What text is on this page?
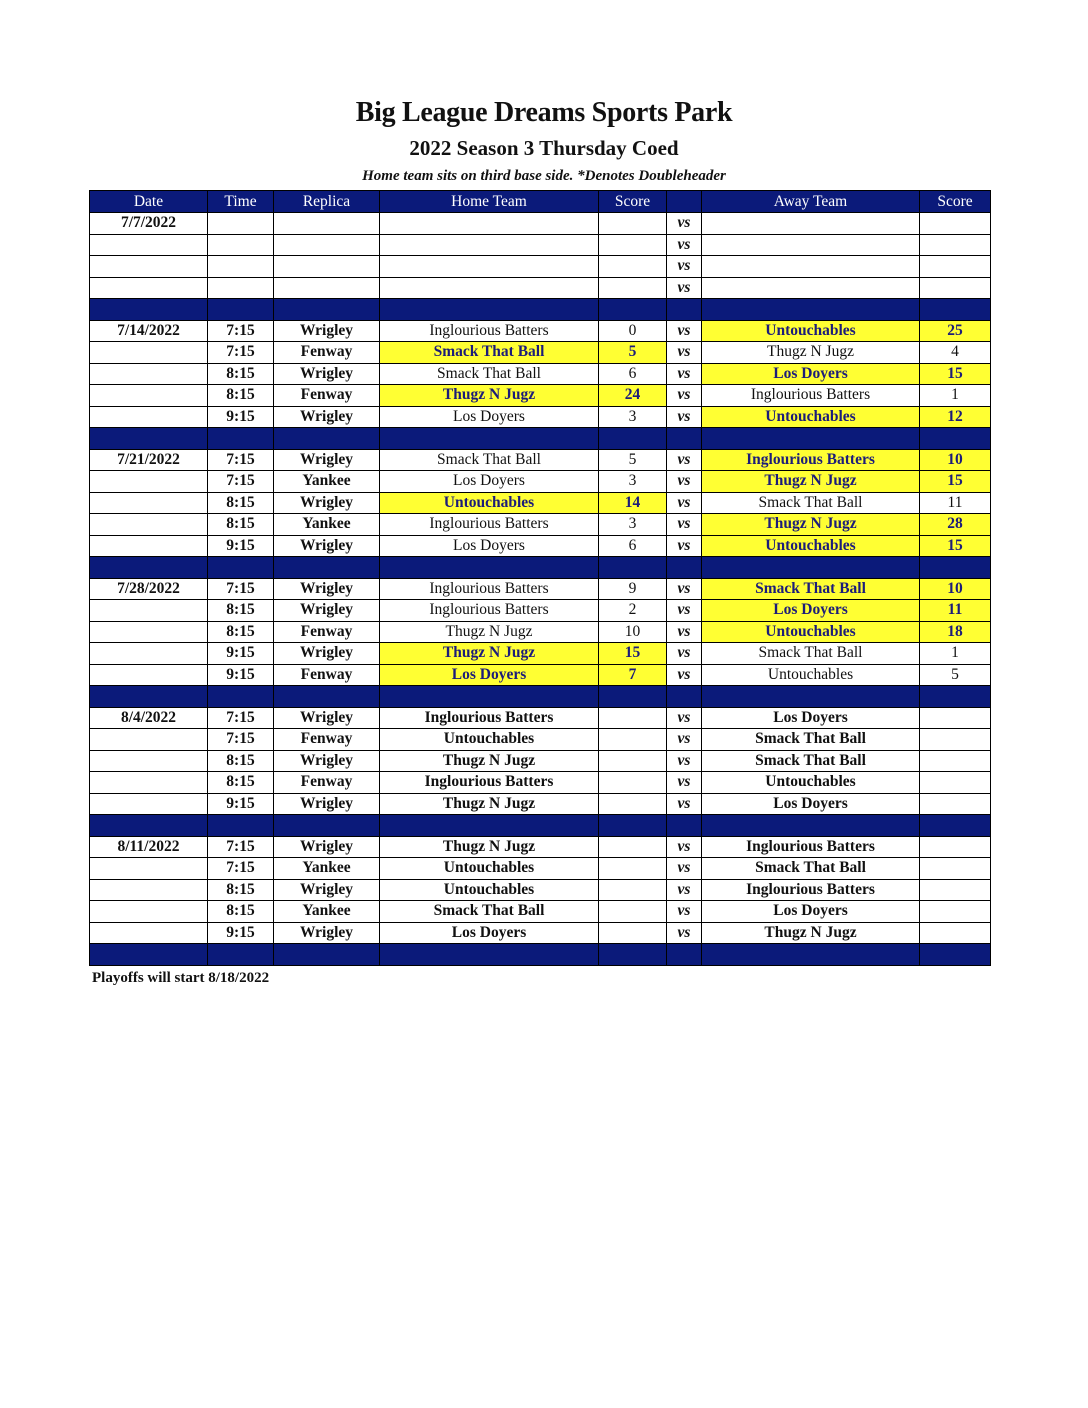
Big League Dreams Sports Park
2022 Season 3 Thursday Coed
Home team sits on third base side. *Denotes Doubleheader
Date	Time	Replica	Home Team	Score		Away Team	Score
7/7/2022					vs		
					vs		
					vs		
					vs		

7/14/2022	7:15	Wrigley	Inglourious Batters	0	vs	Untouchables	25
	7:15	Fenway	Smack That Ball	5	vs	Thugz N Jugz	4
	8:15	Wrigley	Smack That Ball	6	vs	Los Doyers	15
	8:15	Fenway	Thugz N Jugz	24	vs	Inglourious Batters	1
	9:15	Wrigley	Los Doyers	3	vs	Untouchables	12

7/21/2022	7:15	Wrigley	Smack That Ball	5	vs	Inglourious Batters	10
	7:15	Yankee	Los Doyers	3	vs	Thugz N Jugz	15
	8:15	Wrigley	Untouchables	14	vs	Smack That Ball	11
	8:15	Yankee	Inglourious Batters	3	vs	Thugz N Jugz	28
	9:15	Wrigley	Los Doyers	6	vs	Untouchables	15

7/28/2022	7:15	Wrigley	Inglourious Batters	9	vs	Smack That Ball	10
	8:15	Wrigley	Inglourious Batters	2	vs	Los Doyers	11
	8:15	Fenway	Thugz N Jugz	10	vs	Untouchables	18
	9:15	Wrigley	Thugz N Jugz	15	vs	Smack That Ball	1
	9:15	Fenway	Los Doyers	7	vs	Untouchables	5

8/4/2022	7:15	Wrigley	Inglourious Batters		vs	Los Doyers	
	7:15	Fenway	Untouchables		vs	Smack That Ball	
	8:15	Wrigley	Thugz N Jugz		vs	Smack That Ball	
	8:15	Fenway	Inglourious Batters		vs	Untouchables	
	9:15	Wrigley	Thugz N Jugz		vs	Los Doyers	

8/11/2022	7:15	Wrigley	Thugz N Jugz		vs	Inglourious Batters	
	7:15	Yankee	Untouchables		vs	Smack That Ball	
	8:15	Wrigley	Untouchables		vs	Inglourious Batters	
	8:15	Yankee	Smack That Ball		vs	Los Doyers	
	9:15	Wrigley	Los Doyers		vs	Thugz N Jugz	

Playoffs will start 8/18/2022
